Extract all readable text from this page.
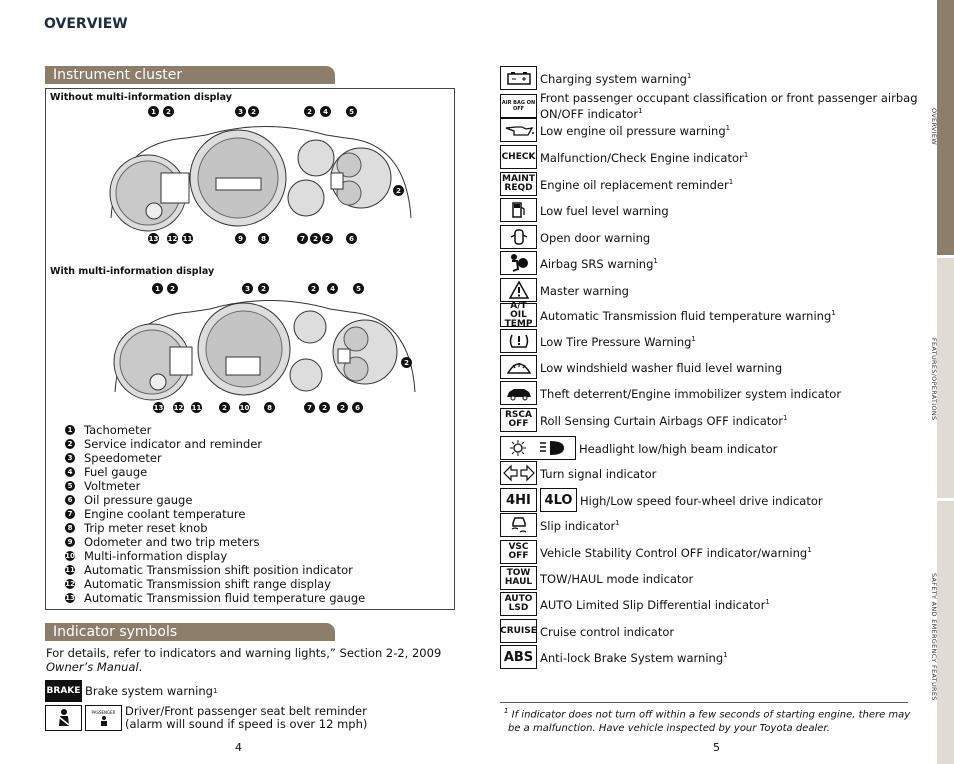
OVERVIEW
Instrument cluster
Without multi-information display
With multi-information display
1	2	3	2	2	4	5
2
13 12 11	9	8	7	2	2	6
1	2	3	2	2	4	5
2
13 12 11	2	10	8	7	2	2	6
1 Tachometer
2 Service indicator and reminder
3 Speedometer
4 Fuel gauge
5 Voltmeter
6 Oil pressure gauge
7 Engine coolant temperature
8 Trip meter reset knob
9 Odometer and two trip meters
10 Multi-information display
11 Automatic Transmission shift position indicator
12 Automatic Transmission shift range display
13 Automatic Transmission fluid temperature gauge
Indicator symbols
For details, refer to indicators and warning lights,” Section 2-2, 2009
Owner’s Manual.
BRAKE Brake system warning 1
PASSENGER Driver/Front passenger seat belt reminder
(alarm will sound if speed is over 12 mph)
4	5
Charging system warning$^1$
AIR BAG ON OFF
Front passenger occupant classification or front passenger airbag
ON/OFF indicator$^1$
Low engine oil pressure warning$^1$
CHECK Malfunction/Check Engine indicator$^1$
MAINT REQD Engine oil replacement reminder$^1$
Low fuel level warning
Open door warning
Airbag SRS warning$^1$
Master warning
A/T OIL TEMP
Automatic Transmission fluid temperature warning$^1$
Low Tire Pressure Warning$^1$
Low windshield washer fluid level warning
Theft deterrent/Engine immobilizer system indicator
RSCA OFF	Roll Sensing Curtain Airbags OFF indicator$^1$
Headlight low/high beam indicator
Turn signal indicator
4HI 4LO High/Low speed four-wheel drive indicator
Slip indicator$^1$
VSC OFF	Vehicle Stability Control OFF indicator/warning$^1$
TOW HAUL TOW/HAUL mode indicator
AUTO LSD	AUTO Limited Slip Differential indicator$^1$
CRUISE Cruise control indicator
ABS Anti-lock Brake System warning$^1$
$^1$ If indicator does not turn off within a few seconds of starting engine, there may
be a malfunction. Have vehicle inspected by your Toyota dealer.
OVERVIEW
FEATURES/OPERATIONS
SAFETY AND EMERGENCY FEATURES
